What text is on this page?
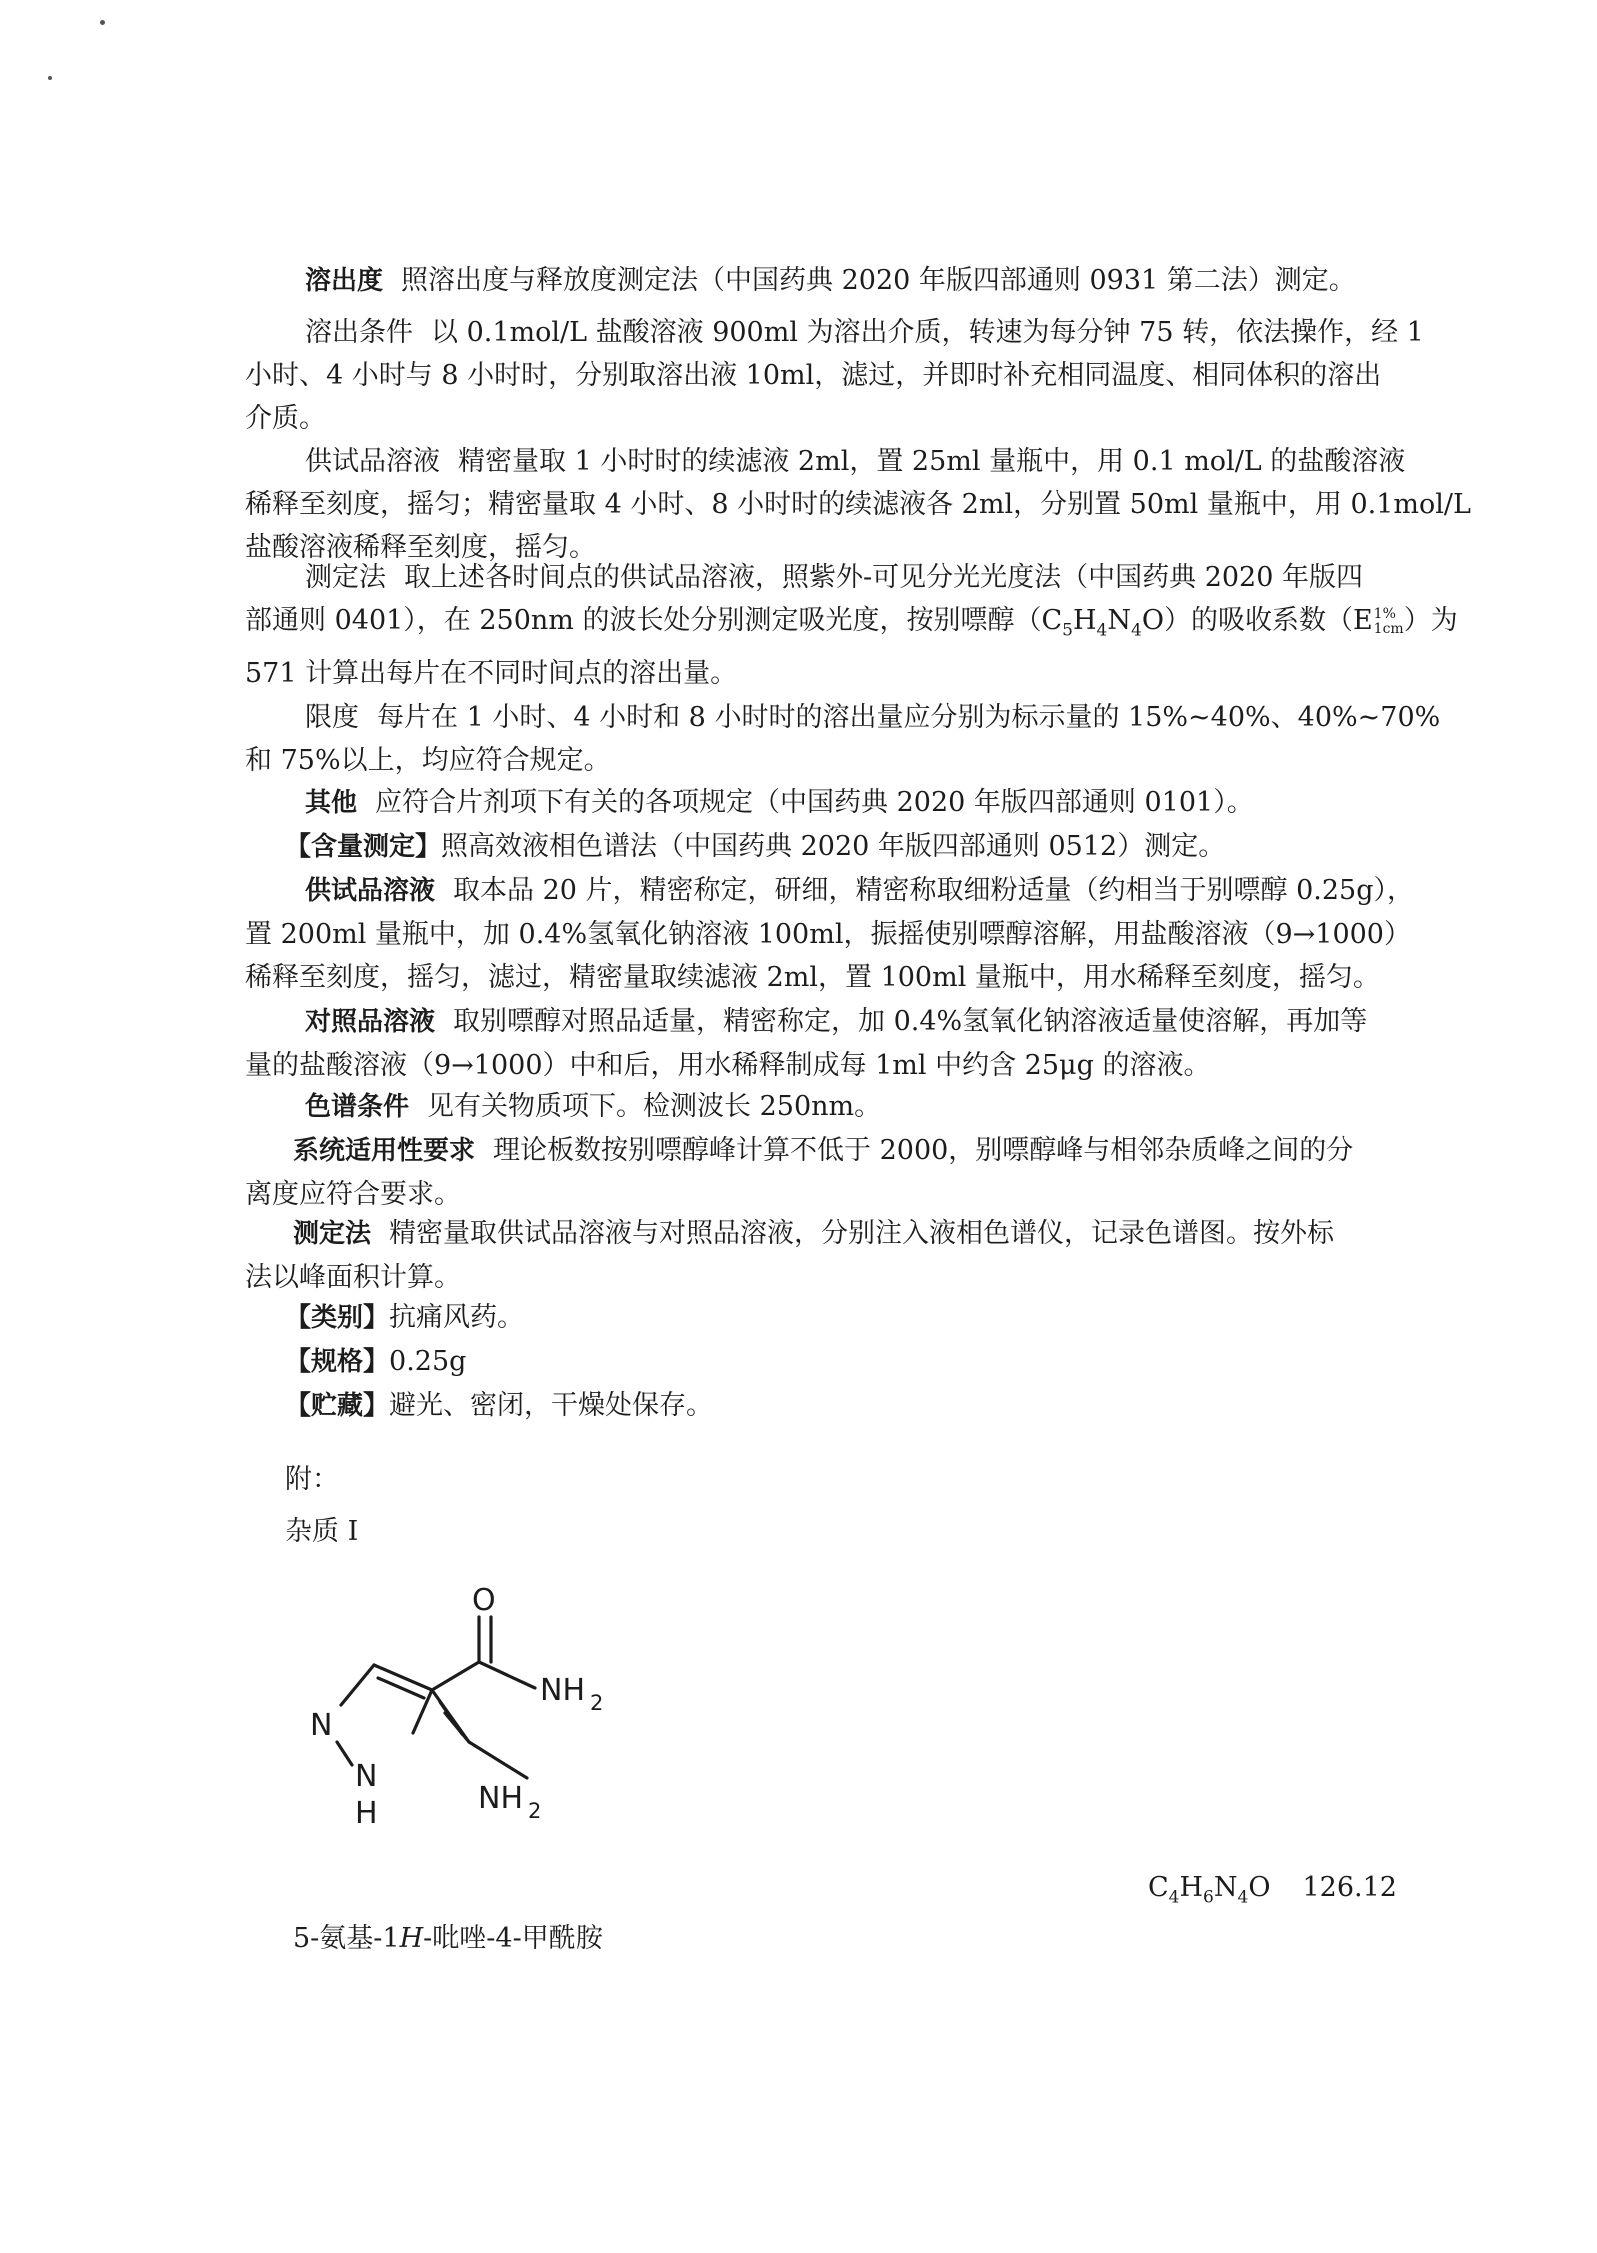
溶出度 照溶出度与释放度测定法（中国药典 2020 年版四部通则 0931 第二法）测定。
溶出条件 以 0.1mol/L 盐酸溶液 900ml 为溶出介质，转速为每分钟 75 转，依法操作，经 1
小时、4 小时与 8 小时时，分别取溶出液 10ml，滤过，并即时补充相同温度、相同体积的溶出
介质。
供试品溶液 精密量取 1 小时时的续滤液 2ml，置 25ml 量瓶中，用 0.1 mol/L 的盐酸溶液
稀释至刻度，摇匀；精密量取 4 小时、8 小时时的续滤液各 2ml，分别置 50ml 量瓶中，用 0.1mol/L
盐酸溶液稀释至刻度，摇匀。
测定法 取上述各时间点的供试品溶液，照紫外-可见分光光度法（中国药典 2020 年版四
部通则 0401），在 250nm 的波长处分别测定吸光度，按别嘌醇$(C_5H_4N_4O)$的吸收系数（E 1%
1cm ）为
571 计算出每片在不同时间点的溶出量。
限度 每片在 1 小时、4 小时和 8 小时时的溶出量应分别为标示量的 15%~40%、40%~70%
和 75%以上，均应符合规定。
其他 应符合片剂项下有关的各项规定（中国药典 2020 年版四部通则 0101）。
【含量测定】照高效液相色谱法（中国药典 2020 年版四部通则 0512）测定。
供试品溶液 取本品 20 片，精密称定，研细，精密称取细粉适量（约相当于别嘌醇 0.25g），
置 200ml 量瓶中，加 0.4%氢氧化钠溶液 100ml，振摇使别嘌醇溶解，用盐酸溶液（9→1000）
稀释至刻度，摇匀，滤过，精密量取续滤液 2ml，置 100ml 量瓶中，用水稀释至刻度，摇匀。
对照品溶液 取别嘌醇对照品适量，精密称定，加 0.4%氢氧化钠溶液适量使溶解，再加等
量的盐酸溶液（9→1000）中和后，用水稀释制成每 1ml 中约含 25μg 的溶液。
色谱条件 见有关物质项下。检测波长 250nm。
系统适用性要求 理论板数按别嘌醇峰计算不低于 2000，别嘌醇峰与相邻杂质峰之间的分
离度应符合要求。
测定法 精密量取供试品溶液与对照品溶液，分别注入液相色谱仪，记录色谱图。按外标
法以峰面积计算。
【类别】抗痛风药。
【规格】0.25g
【贮藏】避光、密闭，干燥处保存。
附：
杂质 I
O
NH 2
N
N
H	NH 2
$C_4H_6N_4O$ 126.12
5-氨基-1H-吡唑-4-甲酰胺
